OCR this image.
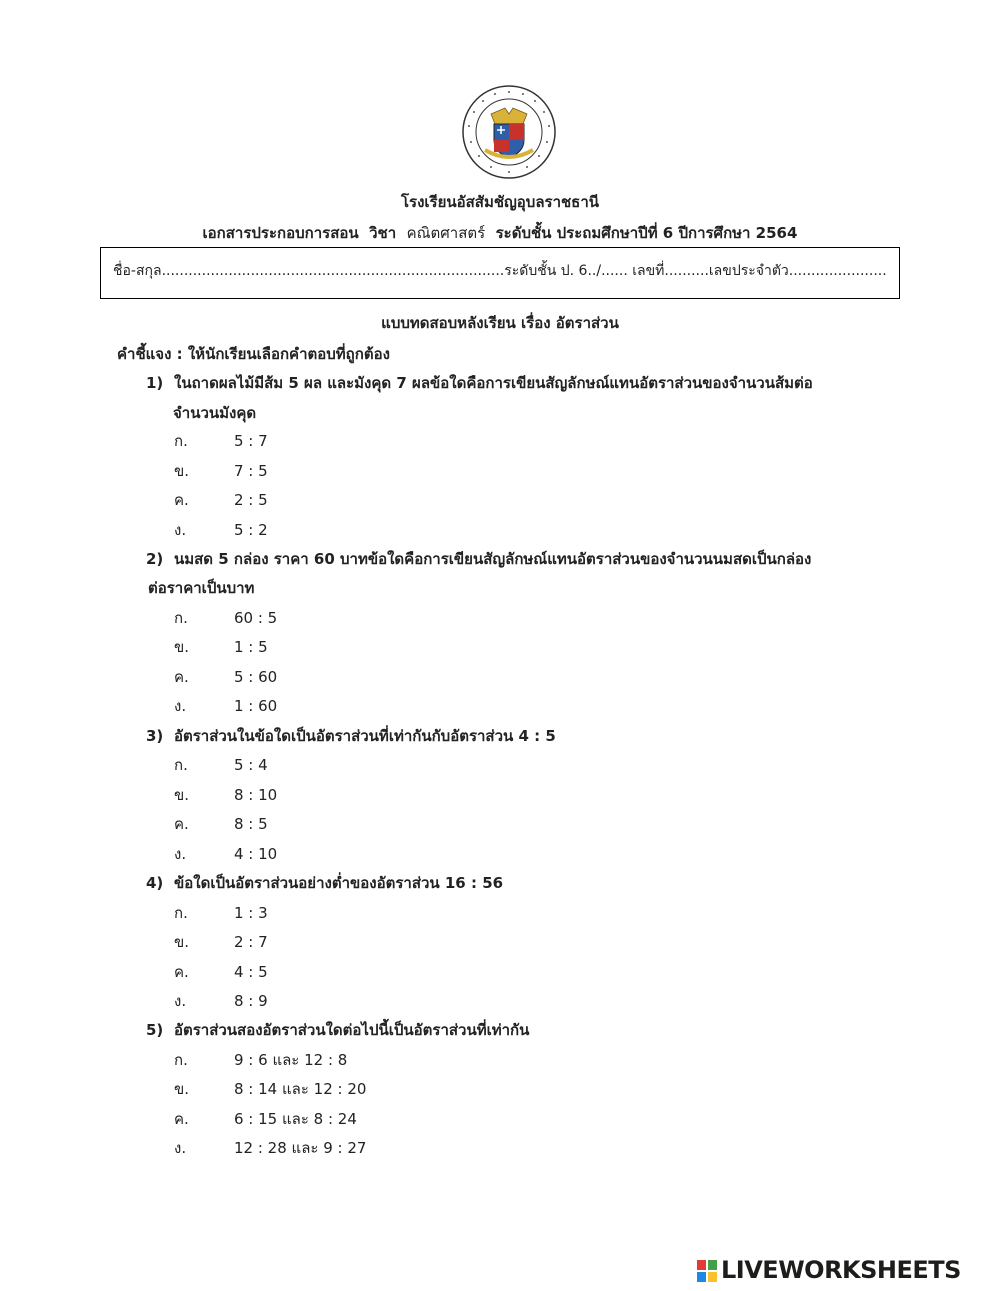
โรงเรียนอัสสัมชัญอุบลราชธานี
เอกสารประกอบการสอน วิชา คณิตศาสตร์ ระดับชั้น ประถมศึกษาปีที่ 6 ปีการศึกษา 2564
ชื่อ-สกุล.............................................................................ระดับชั้น ป. 6../...... เลขที่..........เลขประจำตัว......................
แบบทดสอบหลังเรียน เรื่อง อัตราส่วน
คำชี้แจง : ให้นักเรียนเลือกคำตอบที่ถูกต้อง
1) ในถาดผลไม้มีส้ม 5 ผล และมังคุด 7 ผลข้อใดคือการเขียนสัญลักษณ์แทนอัตราส่วนของจำนวนส้มต่อ
จำนวนมังคุด
ก.	5 : 7
ข.	7 : 5
ค.	2 : 5
ง.	5 : 2
2) นมสด 5 กล่อง ราคา 60 บาทข้อใดคือการเขียนสัญลักษณ์แทนอัตราส่วนของจำนวนนมสดเป็นกล่อง
ต่อราคาเป็นบาท
ก.	60 : 5
ข.	1 : 5
ค.	5 : 60
ง.	1 : 60
3) อัตราส่วนในข้อใดเป็นอัตราส่วนที่เท่ากันกับอัตราส่วน 4 : 5
ก.	5 : 4
ข.	8 : 10
ค.	8 : 5
ง.	4 : 10
4) ข้อใดเป็นอัตราส่วนอย่างต่ำของอัตราส่วน 16 : 56
ก.	1 : 3
ข.	2 : 7
ค.	4 : 5
ง.	8 : 9
5) อัตราส่วนสองอัตราส่วนใดต่อไปนี้เป็นอัตราส่วนที่เท่ากัน
ก.	9 : 6 และ 12 : 8
ข.	8 : 14 และ 12 : 20
ค.	6 : 15 และ 8 : 24
ง.	12 : 28 และ 9 : 27
LIVEWORKSHEETS
